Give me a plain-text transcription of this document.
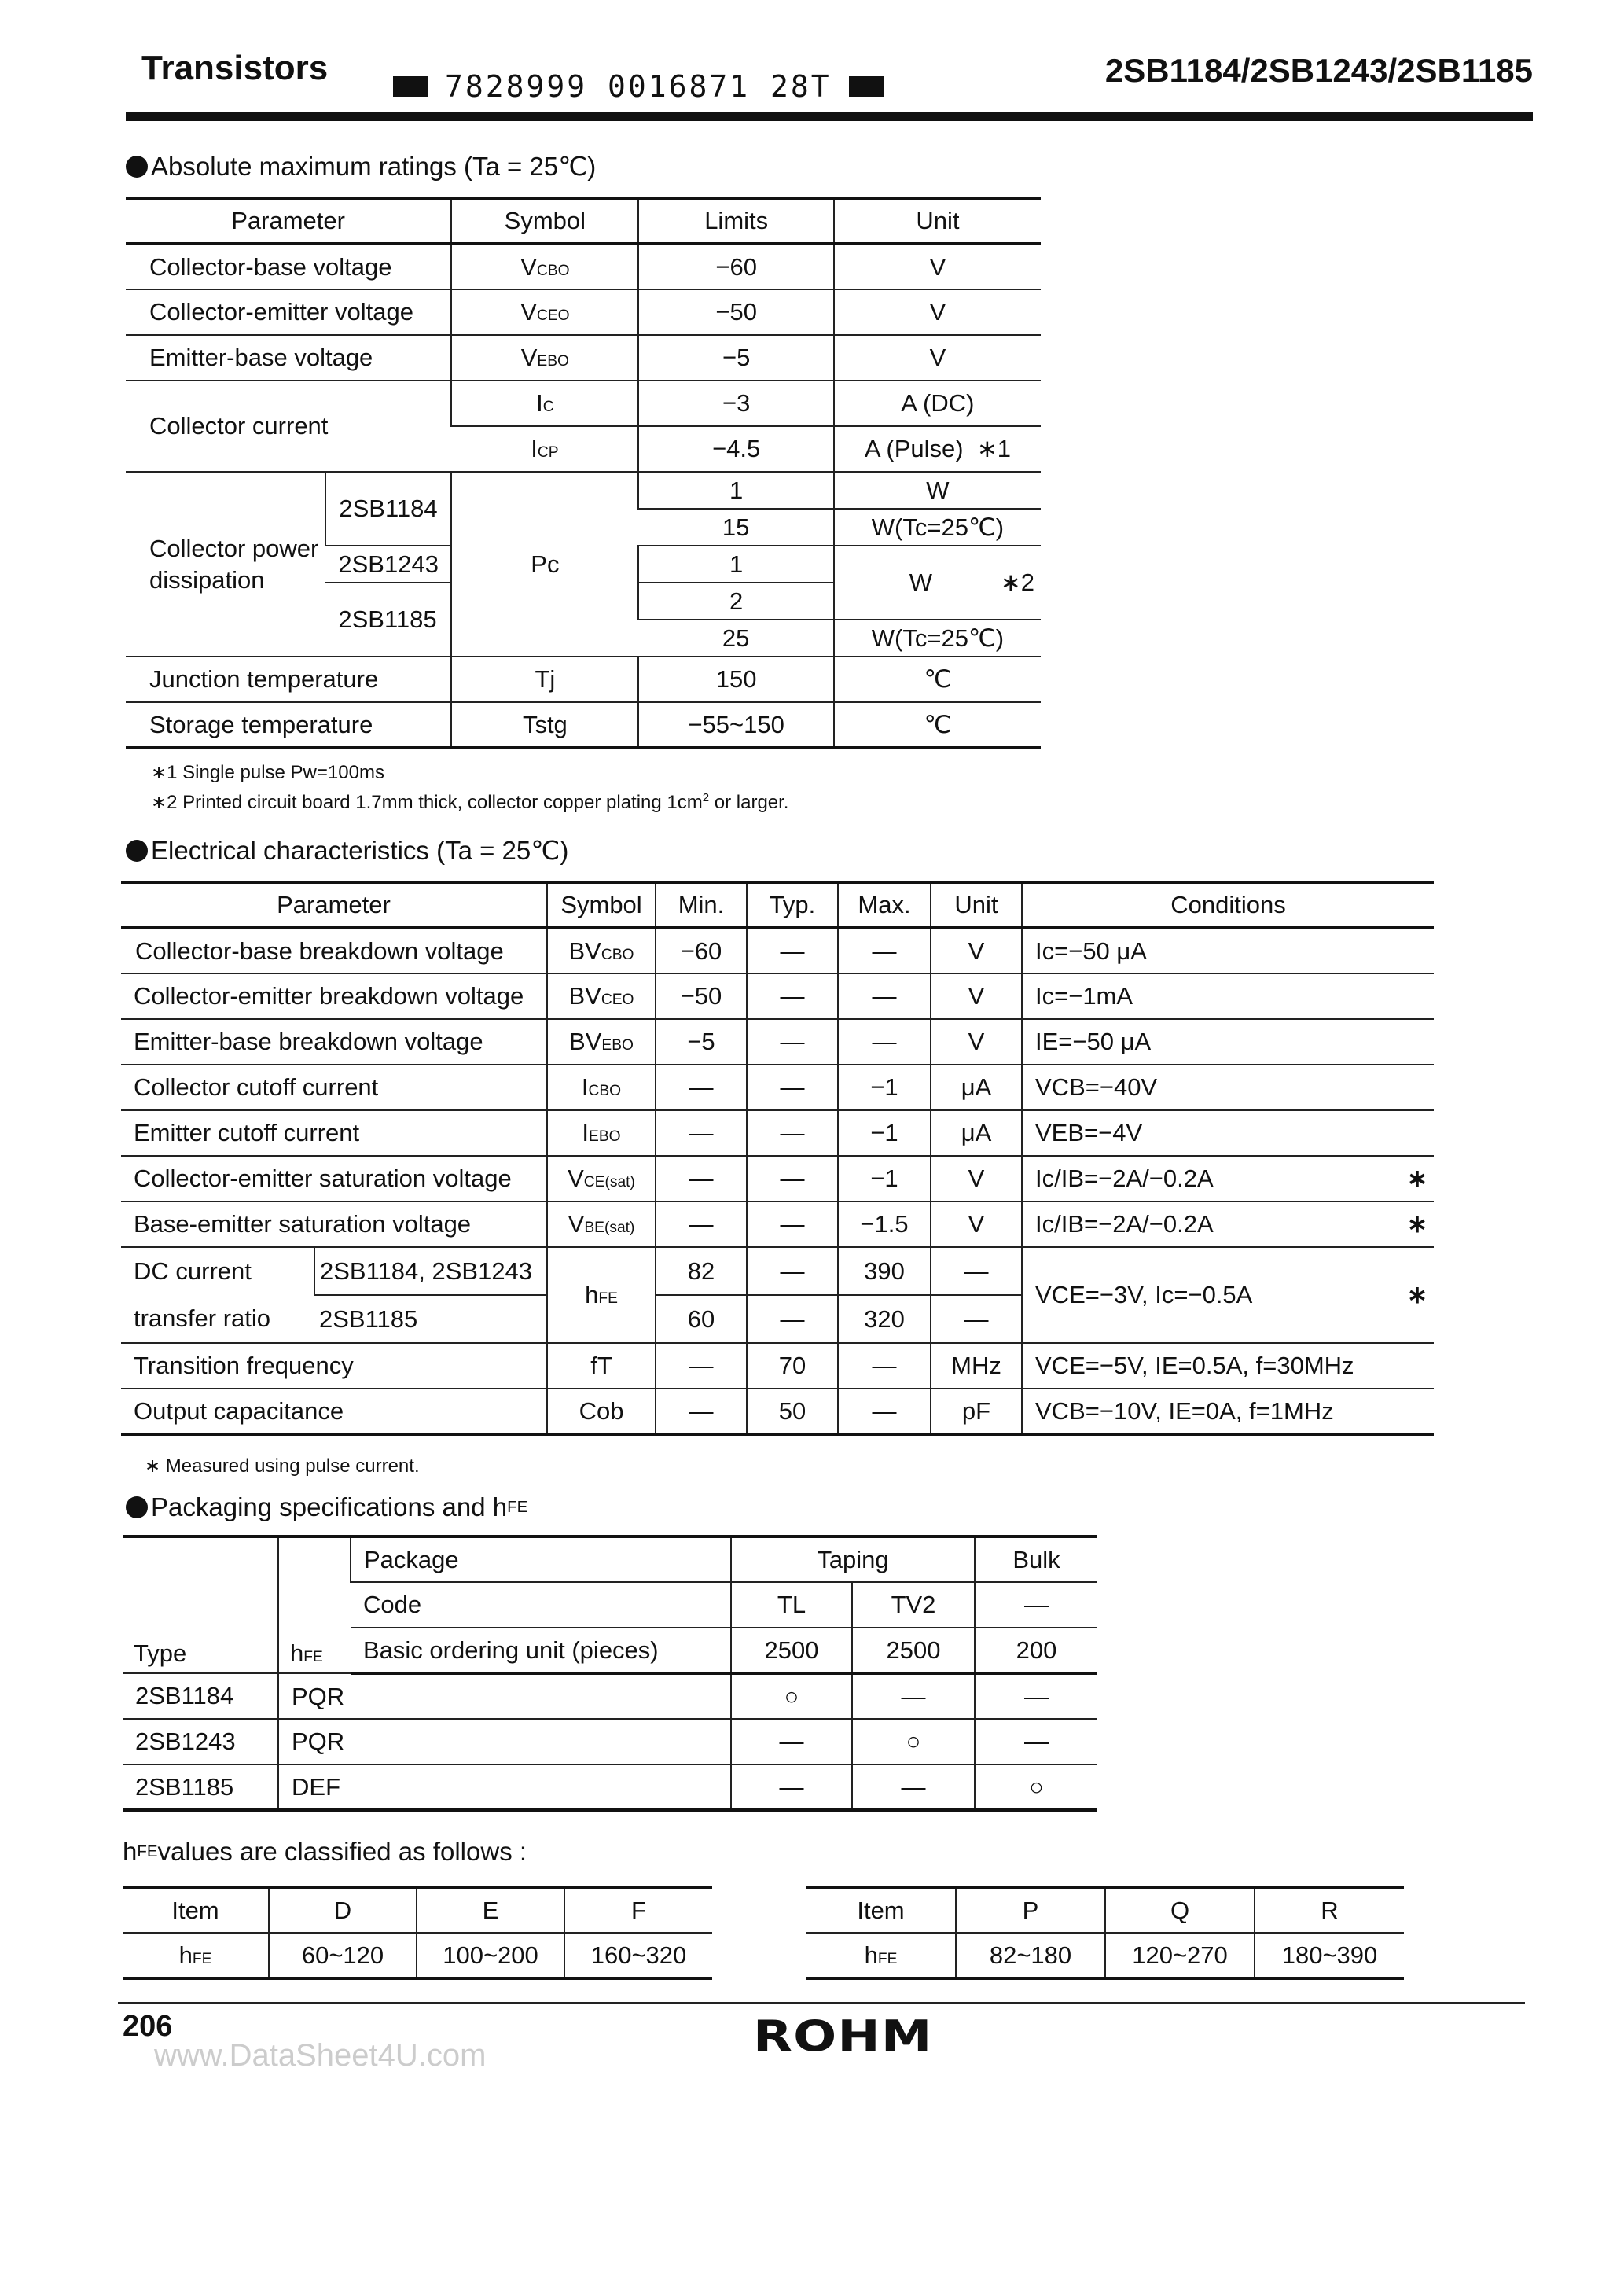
Transistors	7828999 0016871 28T	2SB1184/2SB1243/2SB1185
Absolute maximum ratings (Ta = 25℃)
Parameter		Symbol	Limits	Unit
Collector-base voltage		VCBO	−60	V
Collector-emitter voltage		VCEO	−50	V
Emitter-base voltage		VEBO	−5	V
Collector current		IC	−3	A (DC)
		ICP	−4.5	A (Pulse) ∗1
Collector power
dissipation	2SB1184	Pc	1	W
			15	W(Tc=25℃)
	2SB1243		1	W ∗2

	2SB1185		2	
			25	W(Tc=25℃)
Junction temperature		Tj	150	℃
Storage temperature		Tstg	−55~150	℃
∗1 Single pulse Pw=100ms
∗2 Printed circuit board 1.7mm thick, collector copper plating $1cm^2$ or larger.
Electrical characteristics (Ta = 25℃)
Parameter		Symbol	Min.	Typ.	Max.	Unit	Conditions
Collector-base breakdown voltage		BVCBO	−60	—	—	V	Ic=−50 μA
Collector-emitter breakdown voltage		BVCEO	−50	—	—	V	Ic=−1mA
Emitter-base breakdown voltage		BVEBO	−5	—	—	V	IE=−50 μA
Collector cutoff current		ICBO	—	—	−1	μA	VCB=−40V
Emitter cutoff current		IEBO	—	—	−1	μA	VEB=−4V
Collector-emitter saturation voltage		VCE(sat)	—	—	−1	V	Ic/IB=−2A/−0.2A ∗

Base-emitter saturation voltage		VBE(sat)	—	—	−1.5	V	Ic/IB=−2A/−0.2A ∗

DC current
transfer ratio	2SB1184, 2SB1243	hFE	82	—	390	—	VCE=−3V, Ic=−0.5A ∗

	2SB1185		60	—	320	—	
Transition frequency		fT	—	70	—	MHz	VCE=−5V, IE=0.5A, f=30MHz
Output capacitance		Cob	—	50	—	pF	VCB=−10V, IE=0A, f=1MHz
∗ Measured using pulse current.
Packaging specifications and h FE
Type	hFE	Package	Taping		Bulk
		Code	TL	TV2	—
		Basic ordering unit (pieces)	2500	2500	200
2SB1184	PQR		○	—	—
2SB1243	PQR		—	○	—
2SB1185	DEF		—	—	○
h FE values are classified as follows :
Item	D	E	F
hFE	60~120	100~200	160~320
Item	P	Q	R
hFE	82~180	120~270	180~390
206
www.DataSheet4U.com	ROHM
